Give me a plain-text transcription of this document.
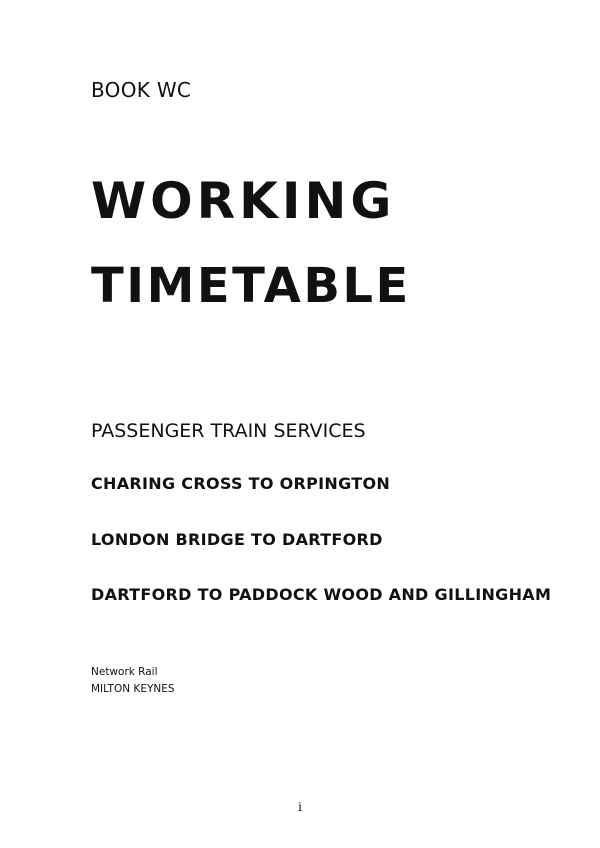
BOOK WC

WORKING
TIMETABLE

PASSENGER TRAIN SERVICES

CHARING CROSS TO ORPINGTON

LONDON BRIDGE TO DARTFORD

DARTFORD TO PADDOCK WOOD AND GILLINGHAM

Network Rail

MILTON KEYNES

i
